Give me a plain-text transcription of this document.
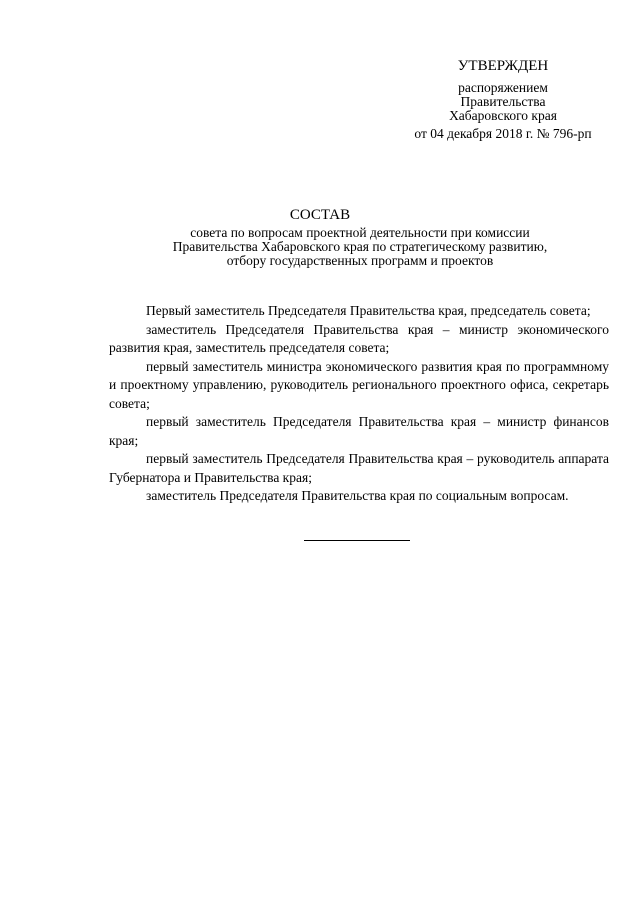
УТВЕРЖДЕН
распоряжением
Правительства
Хабаровского края
от 04 декабря 2018 г. № 796-рп
СОСТАВ
совета по вопросам проектной деятельности при комиссии
Правительства Хабаровского края по стратегическому развитию,
отбору государственных программ и проектов

Первый заместитель Председателя Правительства края, председатель совета;

заместитель Председателя Правительства края – министр экономического развития края, заместитель председателя совета;

первый заместитель министра экономического развития края по программному и проектному управлению, руководитель регионального проектного офиса, секретарь совета;

первый заместитель Председателя Правительства края – министр финансов края;

первый заместитель Председателя Правительства края – руководитель аппарата Губернатора и Правительства края;

заместитель Председателя Правительства края по социальным вопросам.
